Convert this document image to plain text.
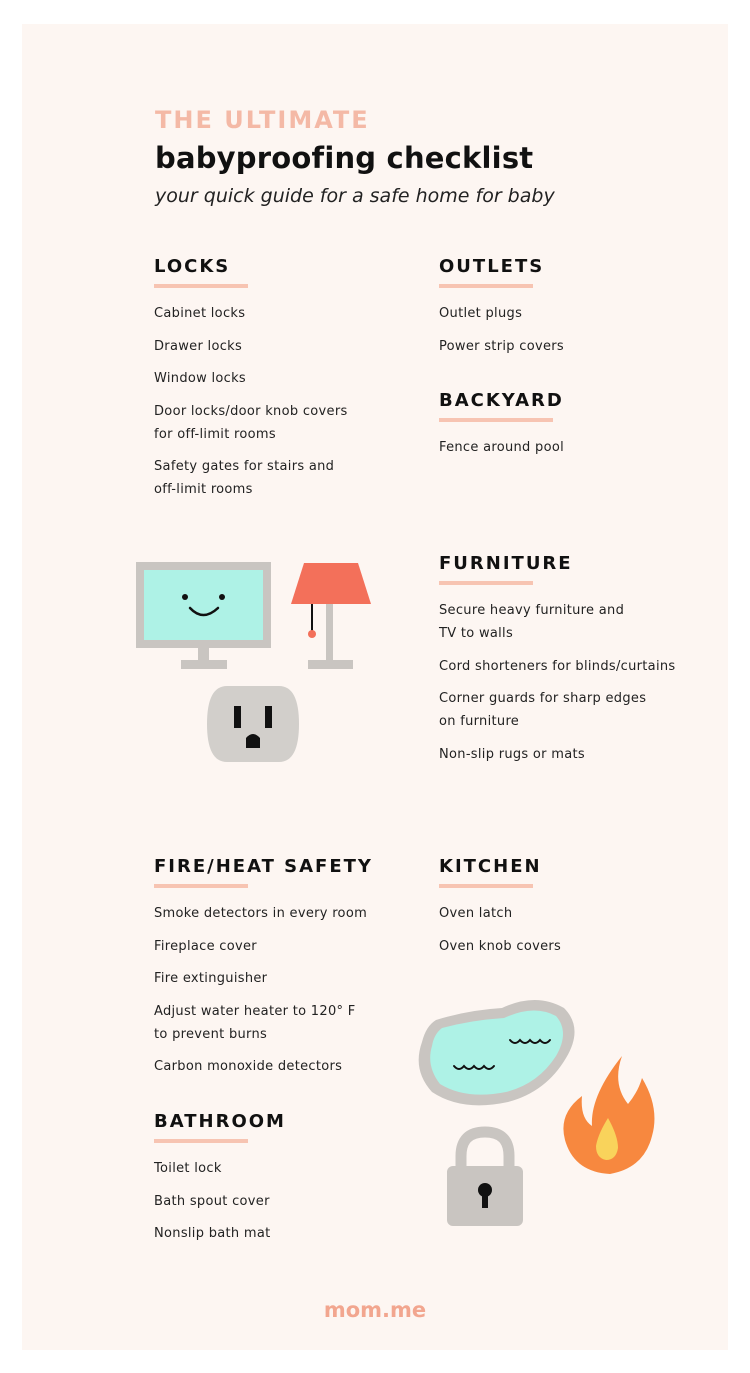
THE ULTIMATE
babyproofing checklist
your quick guide for a safe home for baby
LOCKS
Cabinet locks
Drawer locks
Window locks
Door locks/door knob covers
for off-limit rooms
Safety gates for stairs and
off-limit rooms
OUTLETS
Outlet plugs
Power strip covers
BACKYARD
Fence around pool
FURNITURE
Secure heavy furniture and
TV to walls
Cord shorteners for blinds/curtains
Corner guards for sharp edges
on furniture
Non-slip rugs or mats
FIRE/HEAT SAFETY
Smoke detectors in every room
Fireplace cover
Fire extinguisher
Adjust water heater to 120° F
to prevent burns
Carbon monoxide detectors
KITCHEN
Oven latch
Oven knob covers
BATHROOM
Toilet lock
Bath spout cover
Nonslip bath mat
mom.me
